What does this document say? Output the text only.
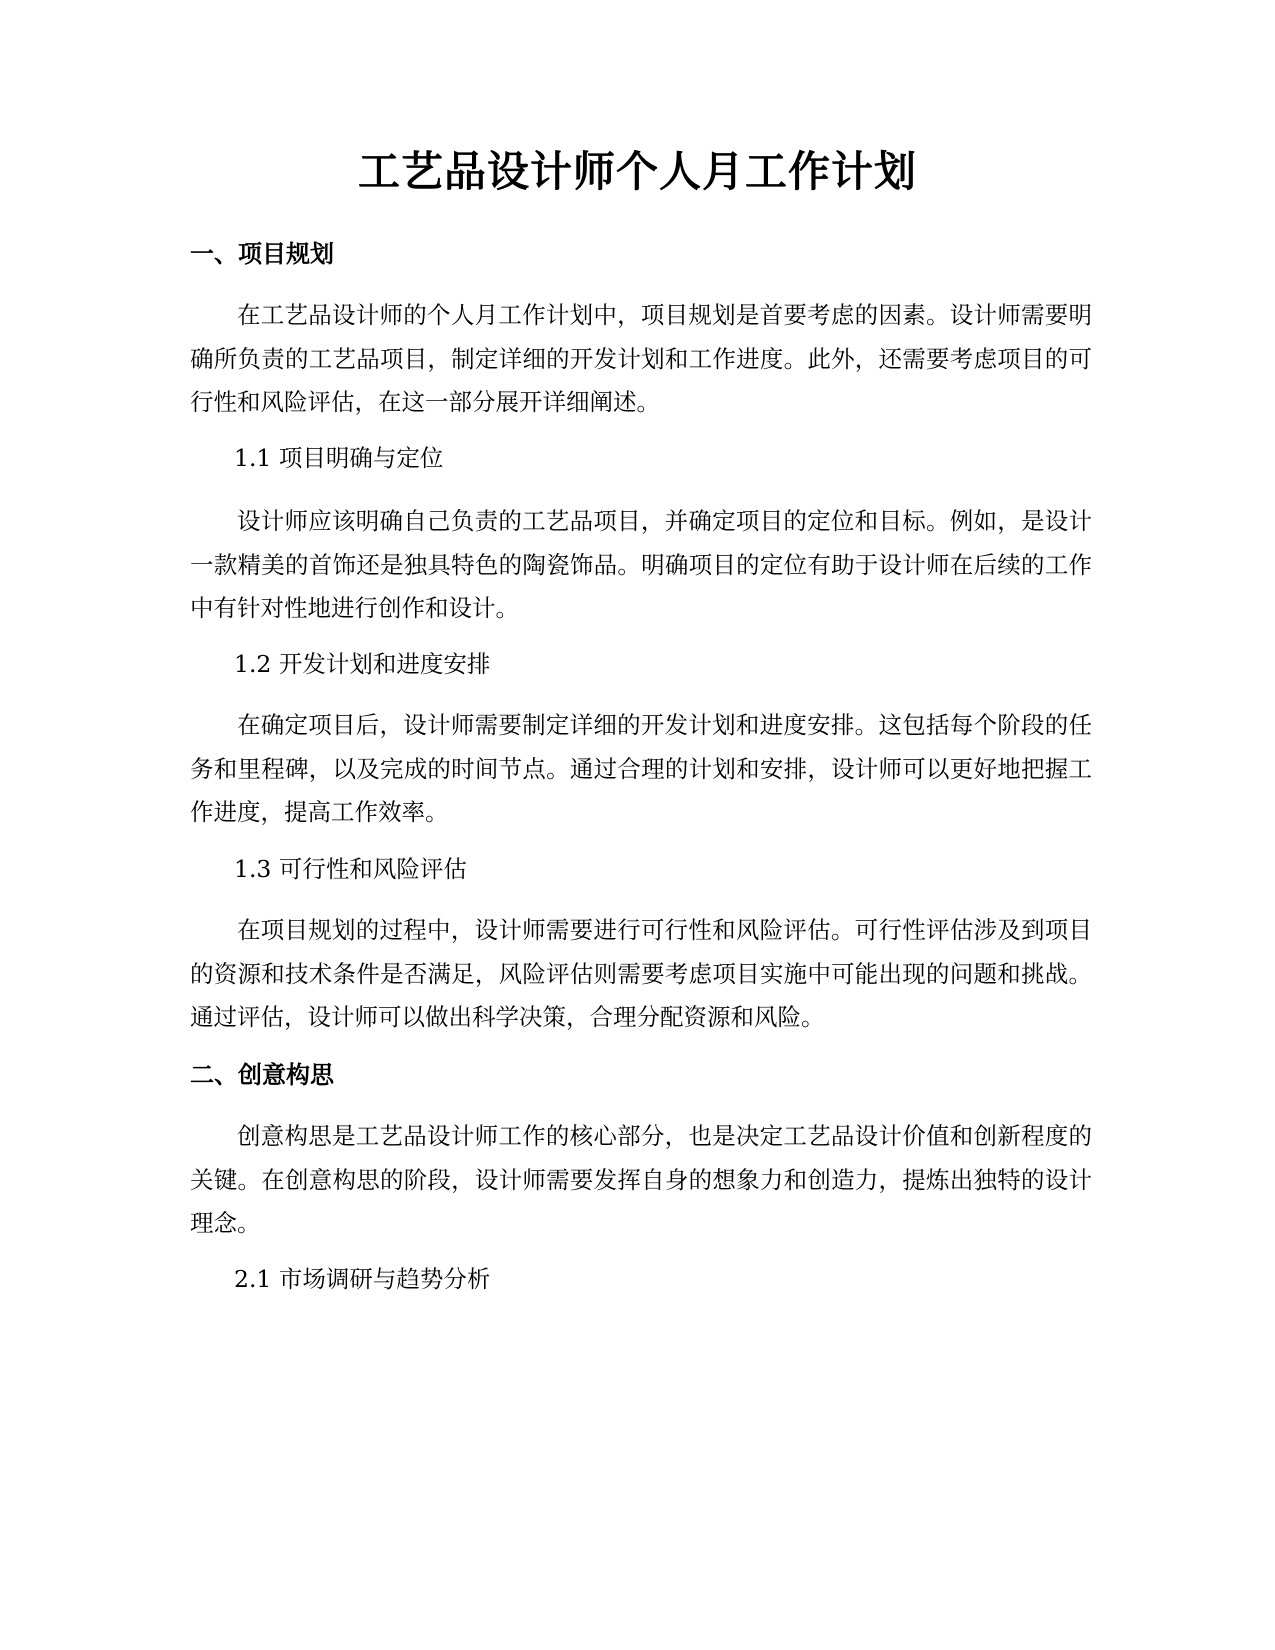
工艺品设计师个人月工作计划
一、项目规划

在工艺品设计师的个人月工作计划中，项目规划是首要考虑的因素。设计师需要明确所负责的工艺品项目，制定详细的开发计划和工作进度。此外，还需要考虑项目的可行性和风险评估，在这一部分展开详细阐述。

1.1 项目明确与定位

设计师应该明确自己负责的工艺品项目，并确定项目的定位和目标。例如，是设计一款精美的首饰还是独具特色的陶瓷饰品。明确项目的定位有助于设计师在后续的工作中有针对性地进行创作和设计。

1.2 开发计划和进度安排

在确定项目后，设计师需要制定详细的开发计划和进度安排。这包括每个阶段的任务和里程碑，以及完成的时间节点。通过合理的计划和安排，设计师可以更好地把握工作进度，提高工作效率。

1.3 可行性和风险评估

在项目规划的过程中，设计师需要进行可行性和风险评估。可行性评估涉及到项目的资源和技术条件是否满足，风险评估则需要考虑项目实施中可能出现的问题和挑战。通过评估，设计师可以做出科学决策，合理分配资源和风险。

二、创意构思

创意构思是工艺品设计师工作的核心部分，也是决定工艺品设计价值和创新程度的关键。在创意构思的阶段，设计师需要发挥自身的想象力和创造力，提炼出独特的设计理念。

2.1 市场调研与趋势分析
